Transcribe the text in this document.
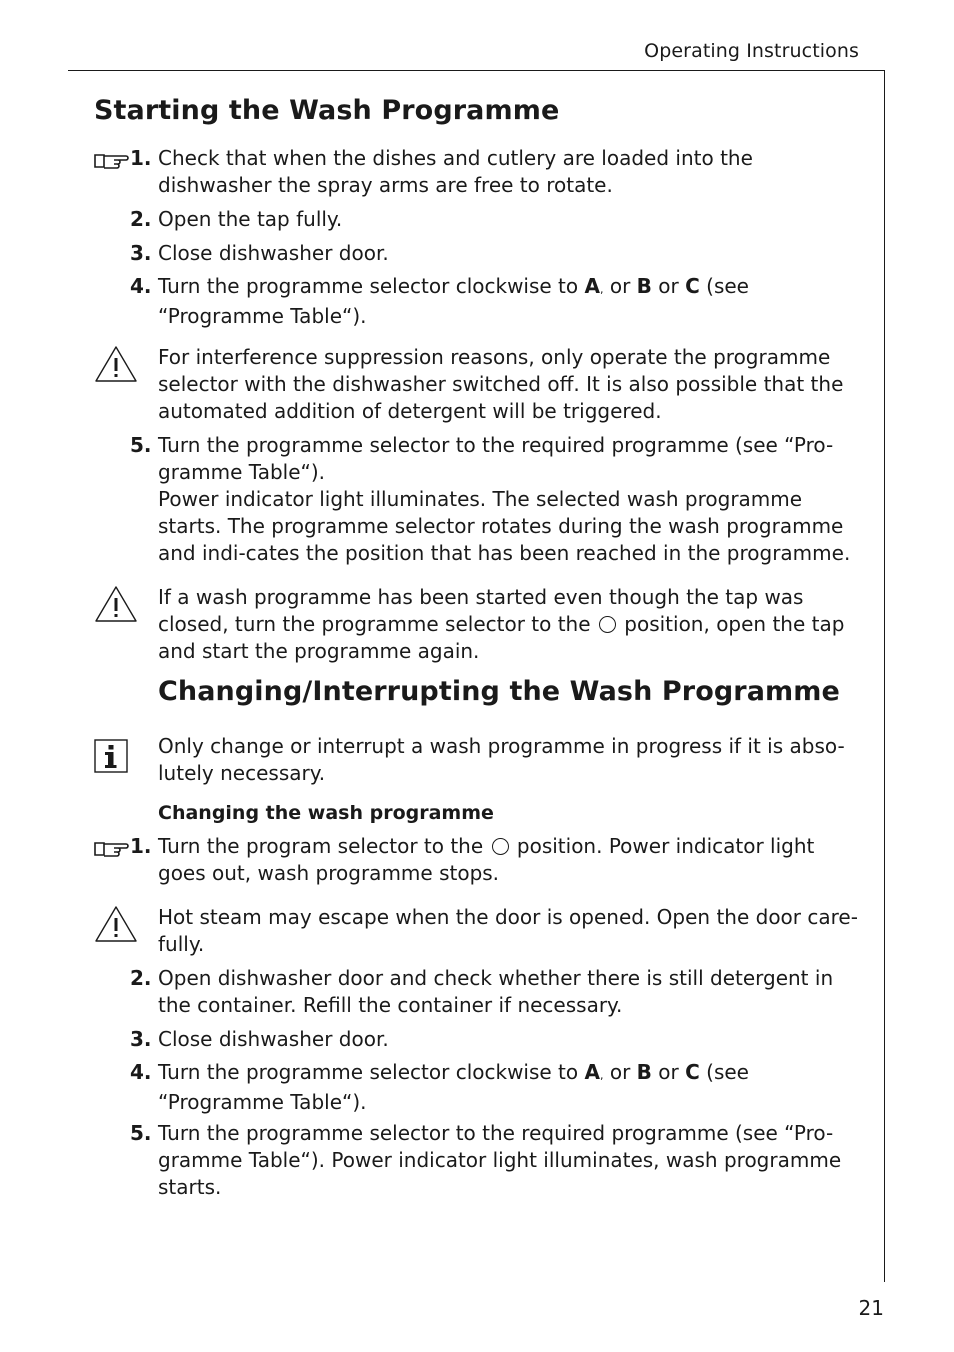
Operating Instructions
Starting the Wash Programme
1. Check that when the dishes and cutlery are loaded into the dishwasher the spray arms are free to rotate.
2. Open the tap fully.
3. Close dishwasher door.
4. Turn the programme selector clockwise to A, or B or C (see “Programme Table“).
For interference suppression reasons, only operate the programme selector with the dishwasher switched off. It is also possible that the automated addition of detergent will be triggered.
5. Turn the programme selector to the required programme (see “Pro-gramme Table“).
Power indicator light illuminates. The selected wash programme starts. The programme selector rotates during the wash programme and indi-cates the position that has been reached in the programme.
If a wash programme has been started even though the tap was closed, turn the programme selector to the position, open the tap and start the programme again.
Changing/Interrupting the Wash Programme
Only change or interrupt a wash programme in progress if it is abso-lutely necessary.
Changing the wash programme
1. Turn the program selector to the position. Power indicator light goes out, wash programme stops.
Hot steam may escape when the door is opened. Open the door care-fully.
2. Open dishwasher door and check whether there is still detergent in the container. Refill the container if necessary.
3. Close dishwasher door.
4. Turn the programme selector clockwise to A, or B or C (see “Programme Table“).
5. Turn the programme selector to the required programme (see “Pro-gramme Table“). Power indicator light illuminates, wash programme starts.
21
